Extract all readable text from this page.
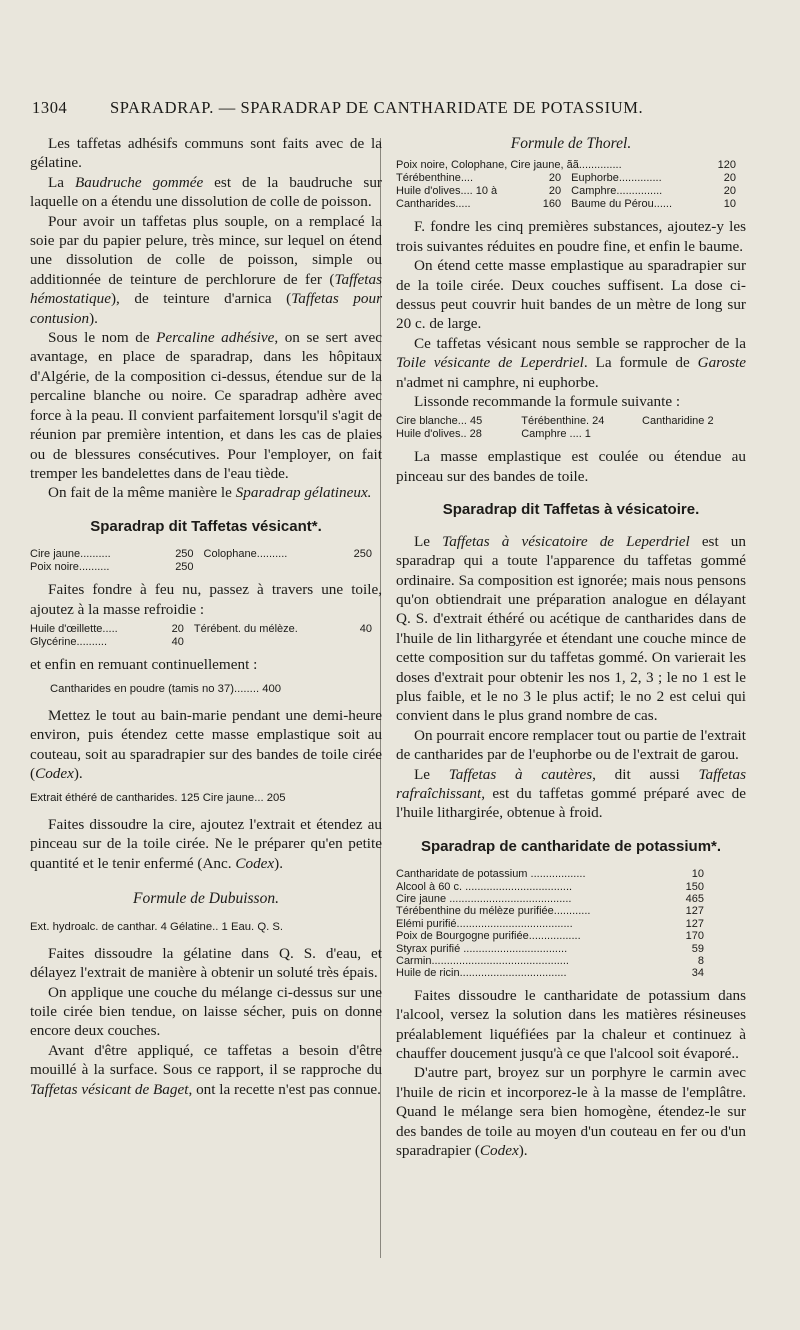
1304	SPARADRAP. — SPARADRAP DE CANTHARIDATE DE POTASSIUM.

Les taffetas adhésifs communs sont faits avec de la gélatine.

La Baudruche gommée est de la baudruche sur laquelle on a étendu une dissolution de colle de poisson.

Pour avoir un taffetas plus souple, on a remplacé la soie par du papier pelure, très mince, sur lequel on étend une dissolution de colle de poisson, simple ou additionnée de teinture de perchlorure de fer (Taffetas hémostatique), de teinture d'arnica (Taffetas pour contusion).

Sous le nom de Percaline adhésive, on se sert avec avantage, en place de sparadrap, dans les hôpitaux d'Algérie, de la composition ci-dessus, étendue sur de la percaline blanche ou noire. Ce sparadrap adhère avec force à la peau. Il convient parfaitement lorsqu'il s'agit de réunion par première intention, et dans les cas de plaies ou de blessures consécutives. Pour l'employer, on fait tremper les bandelettes dans de l'eau tiède.

On fait de la même manière le Sparadrap gélatineux.

Sparadrap dit Taffetas vésicant*.
Cire jaune..........	250	Colophane..........	250
Poix noire..........	250		

Faites fondre à feu nu, passez à travers une toile, ajoutez à la masse refroidie :

Huile d'œillette.....	20	Térébent. du mélèze.	40
Glycérine..........	40		

et enfin en remuant continuellement :

Cantharides en poudre (tamis no 37)........ 400

Mettez le tout au bain-marie pendant une demi-heure environ, puis étendez cette masse emplastique soit au couteau, soit au sparadrapier sur des bandes de toile cirée (Codex).

Extrait éthéré de cantharides. 125 Cire jaune... 205

Faites dissoudre la cire, ajoutez l'extrait et étendez au pinceau sur de la toile cirée. Ne le préparer qu'en petite quantité et le tenir enfermé (Anc. Codex).

Formule de Dubuisson.
Ext. hydroalc. de canthar. 4 Gélatine.. 1 Eau. Q. S.

Faites dissoudre la gélatine dans Q. S. d'eau, et délayez l'extrait de manière à obtenir un soluté très épais.

On applique une couche du mélange ci-dessus sur une toile cirée bien tendue, on laisse sécher, puis on donne encore deux couches.

Avant d'être appliqué, ce taffetas a besoin d'être mouillé à la surface. Sous ce rapport, il se rapproche du Taffetas vésicant de Baget, ont la recette n'est pas connue.

Formule de Thorel.
Poix noire, Colophane, Cire jaune, ãã..............			120
Térébenthine....	20	Euphorbe..............	20
Huile d'olives.... 10 à	20	Camphre...............	20
Cantharides.....	160	Baume du Pérou......	10

F. fondre les cinq premières substances, ajoutez-y les trois suivantes réduites en poudre fine, et enfin le baume.

On étend cette masse emplastique au sparadrapier sur de la toile cirée. Deux couches suffisent. La dose ci-dessus peut couvrir huit bandes de un mètre de long sur 20 c. de large.

Ce taffetas vésicant nous semble se rapprocher de la Toile vésicante de Leperdriel. La formule de Garoste n'admet ni camphre, ni euphorbe.

Lissonde recommande la formule suivante :

Cire blanche... 45	Térébenthine. 24	Cantharidine 2
Huile d'olives.. 28	Camphre .... 1	

La masse emplastique est coulée ou étendue au pinceau sur des bandes de toile.

Sparadrap dit Taffetas à vésicatoire.

Le Taffetas à vésicatoire de Leperdriel est un sparadrap qui a toute l'apparence du taffetas gommé ordinaire. Sa composition est ignorée; mais nous pensons qu'on obtiendrait une préparation analogue en délayant Q. S. d'extrait éthéré ou acétique de cantharides dans de l'huile de lin lithargyrée et étendant une couche mince de cette composition sur du taffetas gommé. On varierait les doses d'extrait pour obtenir les nos 1, 2, 3 ; le no 1 est le plus faible, et le no 3 le plus actif; le no 2 est celui qui convient dans le plus grand nombre de cas.

On pourrait encore remplacer tout ou partie de l'extrait de cantharides par de l'euphorbe ou de l'extrait de garou.

Le Taffetas à cautères, dit aussi Taffetas rafraîchissant, est du taffetas gommé préparé avec de l'huile lithargirée, obtenue à froid.

Sparadrap de cantharidate de potassium*.
Cantharidate de potassium ..................	10
Alcool à 60 c. ...................................	150
Cire jaune ........................................	465
Térébenthine du mélèze purifiée............	127
Elémi purifié......................................	127
Poix de Bourgogne purifiée.................	170
Styrax purifié ..................................	59
Carmin.............................................	8
Huile de ricin...................................	34

Faites dissoudre le cantharidate de potassium dans l'alcool, versez la solution dans les matières résineuses préalablement liquéfiées par la chaleur et continuez à chauffer doucement jusqu'à ce que l'alcool soit évaporé..

D'autre part, broyez sur un porphyre le carmin avec l'huile de ricin et incorporez-le à la masse de l'emplâtre. Quand le mélange sera bien homogène, étendez-le sur des bandes de toile au moyen d'un couteau en fer ou d'un sparadrapier (Codex).
